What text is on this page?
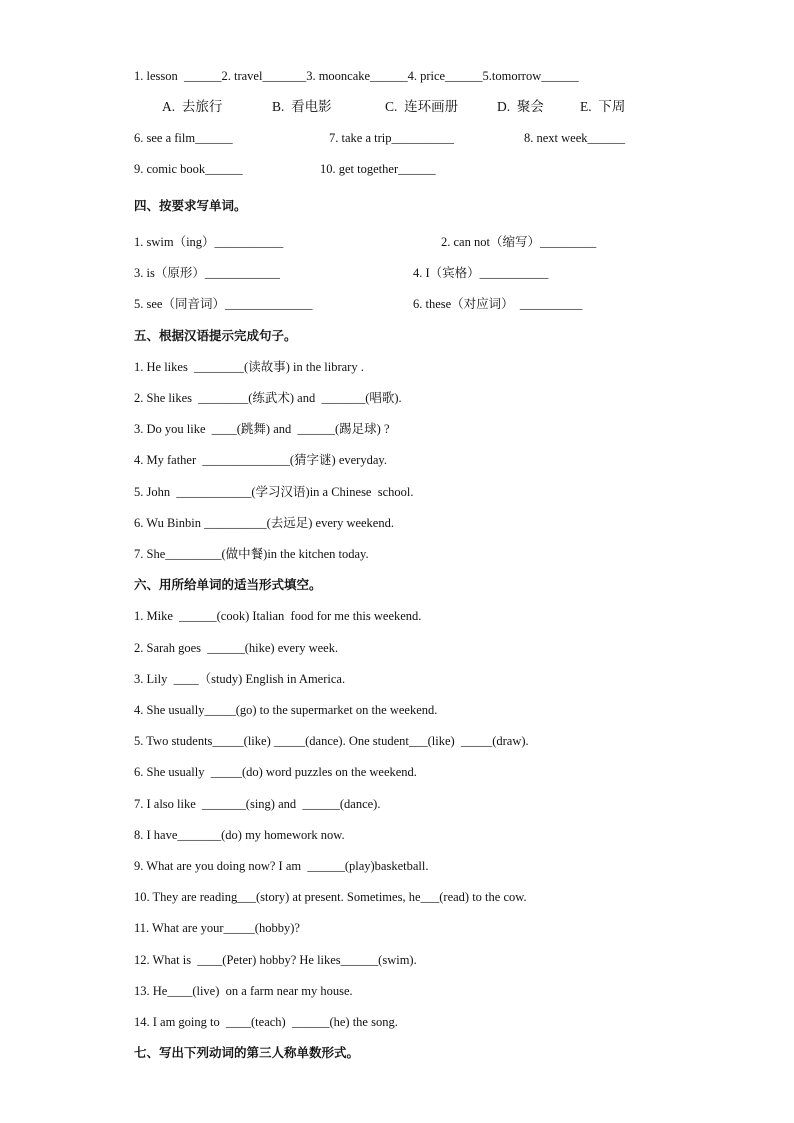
1. lesson  ______2. travel_______3. mooncake______4. price______5.tomorrow______
A.  去旅行	B.  看电影	C.  连环画册	D.  聚会	E.  下周
6. see a film______	7. take a trip__________	8. next week______
9. comic book______	10. get together______
四、按要求写单词。
1. swim（ing）___________	2. can not（缩写）_________
3. is（原形）____________	4. I（宾格）___________
5. see（同音词）______________	6. these（对应词）  __________
五、根据汉语提示完成句子。
1. He likes  ________(读故事) in the library .
2. She likes  ________(练武术) and  _______(唱歌).
3. Do you like  ____(跳舞) and  ______(踢足球) ?
4. My father  ______________(猜字谜) everyday.
5. John  ____________(学习汉语)in a Chinese  school.
6. Wu Binbin __________(去远足) every weekend.
7. She_________(做中餐)in the kitchen today.
六、用所给单词的适当形式填空。
1. Mike  ______(cook) Italian  food for me this weekend.
2. Sarah goes  ______(hike) every week.
3. Lily  ____（study) English in America.
4. She usually_____(go) to the supermarket on the weekend.
5. Two students_____(like) _____(dance). One student___(like)  _____(draw).
6. She usually  _____(do) word puzzles on the weekend.
7. I also like  _______(sing) and  ______(dance).
8. I have_______(do) my homework now.
9. What are you doing now? I am  ______(play)basketball.
10. They are reading___(story) at present. Sometimes, he___(read) to the cow.
11. What are your_____(hobby)?
12. What is  ____(Peter) hobby? He likes______(swim).
13. He____(live)  on a farm near my house.
14. I am going to  ____(teach)  ______(he) the song.
七、写出下列动词的第三人称单数形式。
